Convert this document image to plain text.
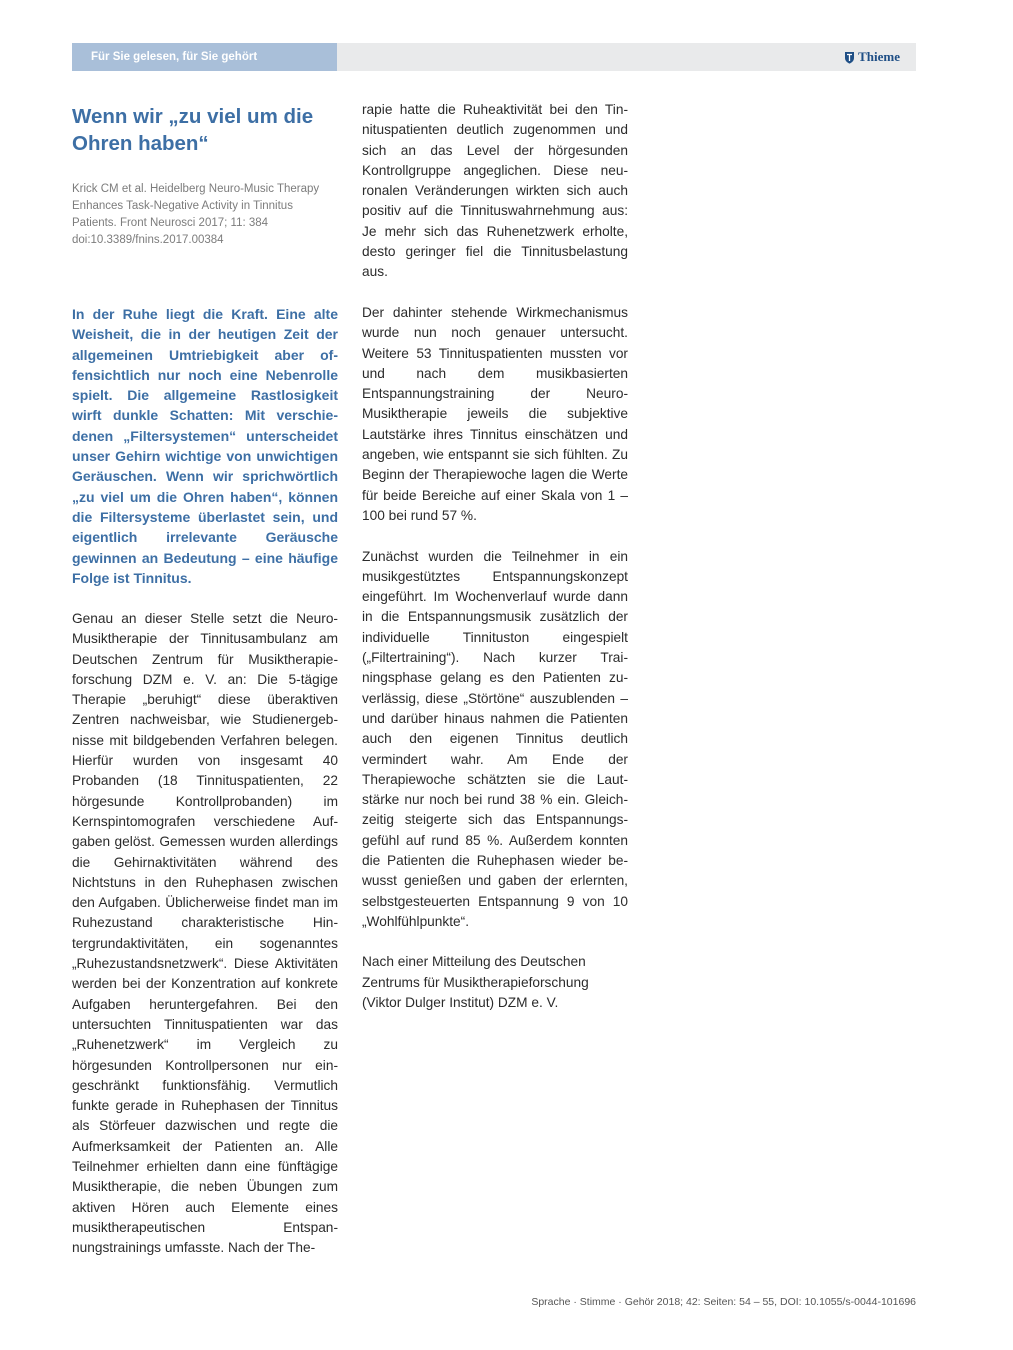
Für Sie gelesen, für Sie gehört	Thieme
Wenn wir „zu viel um die Ohren haben“

Krick CM et al. Heidelberg Neuro-Music Therapy Enhances Task-Negative Activity in Tinnitus Patients. Front Neurosci 2017; 11: 384 doi:10.3389/fnins.2017.00384

In der Ruhe liegt die Kraft. Eine alte Weisheit, die in der heutigen Zeit der allgemeinen Umtriebigkeit aber offensichtlich nur noch eine Nebenrolle spielt. Die allgemeine Rastlosigkeit wirft dunkle Schatten: Mit verschiedenen „Filtersystemen“ unterscheidet unser Gehirn wichtige von unwichtigen Geräuschen. Wenn wir sprichwörtlich „zu viel um die Ohren haben“, können die Filtersysteme überlastet sein, und eigentlich irrelevante Geräusche gewinnen an Bedeutung – eine häufige Folge ist Tinnitus.

Genau an dieser Stelle setzt die Neuro-Musiktherapie der Tinnitusambulanz am Deutschen Zentrum für Musiktherapieforschung DZM e. V. an: Die 5-tägige Therapie „beruhigt“ diese überaktiven Zentren nachweisbar, wie Studienergebnisse mit bildgebenden Verfahren belegen. Hierfür wurden von insgesamt 40 Probanden (18 Tinnituspatienten, 22 hörgesunde Kontrollprobanden) im Kernspintomografen verschiedene Aufgaben gelöst. Gemessen wurden allerdings die Gehirnaktivitäten während des Nichtstuns in den Ruhephasen zwischen den Aufgaben. Üblicherweise findet man im Ruhezustand charakteristische Hintergrundaktivitäten, ein sogenanntes „Ruhezustandsnetzwerk“. Diese Aktivitäten werden bei der Konzentration auf konkrete Aufgaben heruntergefahren. Bei den untersuchten Tinnituspatienten war das „Ruhenetzwerk“ im Vergleich zu hörgesunden Kontrollpersonen nur eingeschränkt funktionsfähig. Vermutlich funkte gerade in Ruhephasen der Tinnitus als Störfeuer dazwischen und regte die Aufmerksamkeit der Patienten an. Alle Teilnehmer erhielten dann eine fünftägige Musiktherapie, die neben Übungen zum aktiven Hören auch Elemente eines musiktherapeutischen Entspannungstrainings umfasste. Nach der The-

rapie hatte die Ruheaktivität bei den Tinnituspatienten deutlich zugenommen und sich an das Level der hörgesunden Kontrollgruppe angeglichen. Diese neuronalen Veränderungen wirkten sich auch positiv auf die Tinnituswahrnehmung aus: Je mehr sich das Ruhenetzwerk erholte, desto geringer fiel die Tinnitusbelastung aus.

Der dahinter stehende Wirkmechanismus wurde nun noch genauer untersucht. Weitere 53 Tinnituspatienten mussten vor und nach dem musikbasierten Entspannungstraining der Neuro-Musiktherapie jeweils die subjektive Lautstärke ihres Tinnitus einschätzen und angeben, wie entspannt sie sich fühlten. Zu Beginn der Therapiewoche lagen die Werte für beide Bereiche auf einer Skala von 1 – 100 bei rund 57 %.

Zunächst wurden die Teilnehmer in ein musikgestütztes Entspannungskonzept eingeführt. Im Wochenverlauf wurde dann in die Entspannungsmusik zusätzlich der individuelle Tinnituston eingespielt („Filtertraining“). Nach kurzer Trainingsphase gelang es den Patienten zuverlässig, diese „Störtöne“ auszublenden – und darüber hinaus nahmen die Patienten auch den eigenen Tinnitus deutlich vermindert wahr. Am Ende der Therapiewoche schätzten sie die Lautstärke nur noch bei rund 38 % ein. Gleichzeitig steigerte sich das Entspannungsgefühl auf rund 85 %. Außerdem konnten die Patienten die Ruhephasen wieder bewusst genießen und gaben der erlernten, selbstgesteuerten Entspannung 9 von 10 „Wohlfühlpunkte“.

Nach einer Mitteilung des Deutschen Zentrums für Musiktherapieforschung (Viktor Dulger Institut) DZM e. V.

Sprache · Stimme · Gehör 2018; 42: Seiten: 54 – 55, DOI: 10.1055/s-0044-101696
